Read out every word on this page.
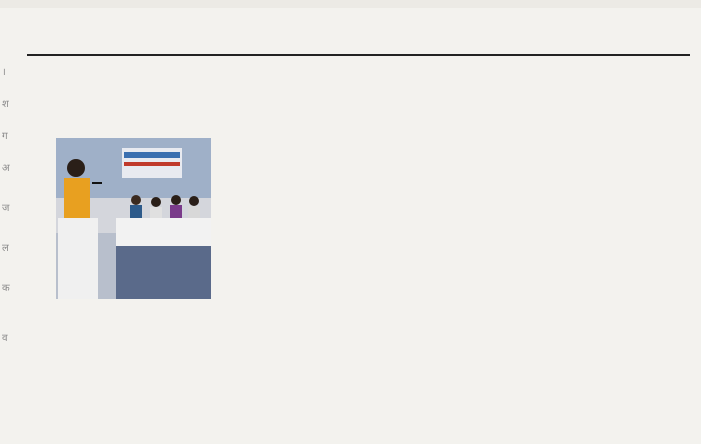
।
श
ग
अ
ज
ल
क
व
